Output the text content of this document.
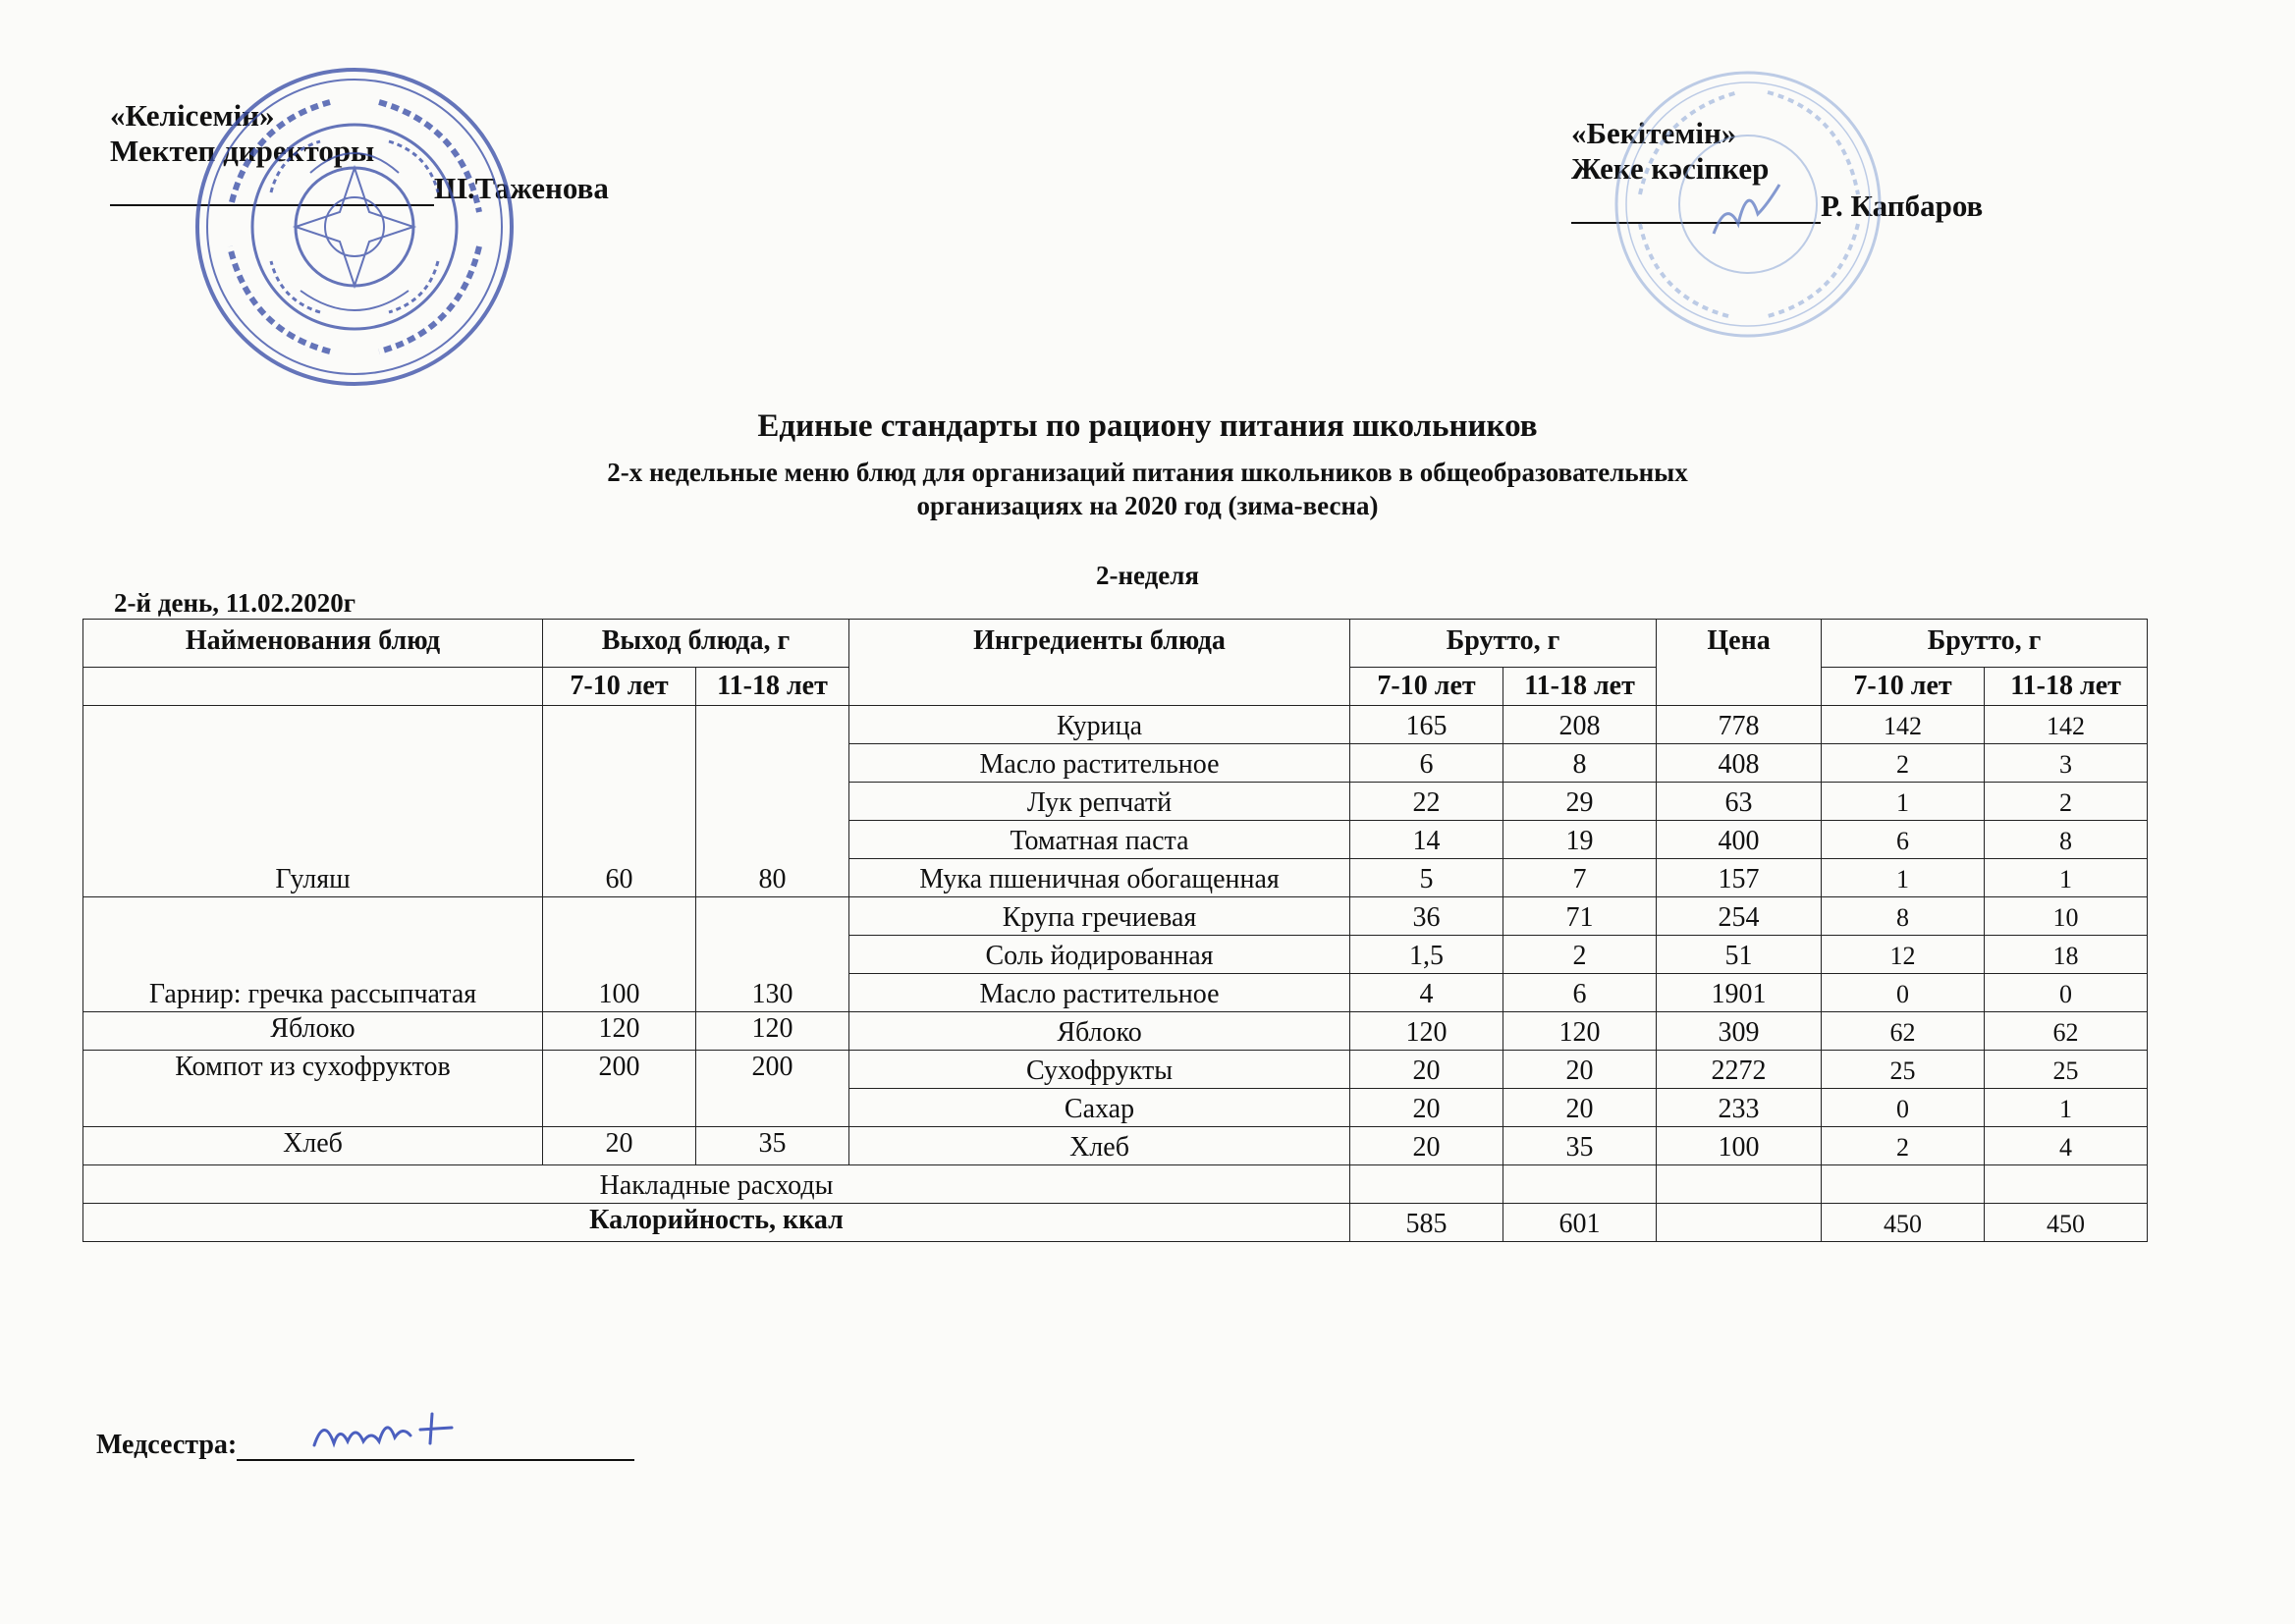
«Келісемін»
Мектеп директоры
Ш.Таженова
«Бекітемін»
Жеке кәсіпкер
Р. Капбаров
Единые стандарты по рациону питания школьников
2-х недельные меню блюд для организаций питания школьников в общеобразовательных
организациях на 2020 год (зима-весна)
2-неделя
2-й день, 11.02.2020г
Найменования блюд	Выход блюда, г		Ингредиенты блюда	Брутто, г		Цена	Брутто, г	
	7-10 лет	11-18 лет		7-10 лет	11-18 лет		7-10 лет	11-18 лет
Гуляш	60	80	Курица	165	208	778	142	142
			Масло растительное	6	8	408	2	3
			Лук репчатй	22	29	63	1	2
			Томатная паста	14	19	400	6	8
			Мука пшеничная обогащенная	5	7	157	1	1
Гарнир: гречка рассыпчатая	100	130	Крупа гречиевая	36	71	254	8	10
			Соль йодированная	1,5	2	51	12	18
			Масло растительное	4	6	1901	0	0
Яблоко	120	120	Яблоко	120	120	309	62	62
Компот из сухофруктов	200	200	Сухофрукты	20	20	2272	25	25
			Сахар	20	20	233	0	1
Хлеб	20	35	Хлеб	20	35	100	2	4
Накладные расходы								
Калорийность, ккал				585	601		450	450
Медсестра:
